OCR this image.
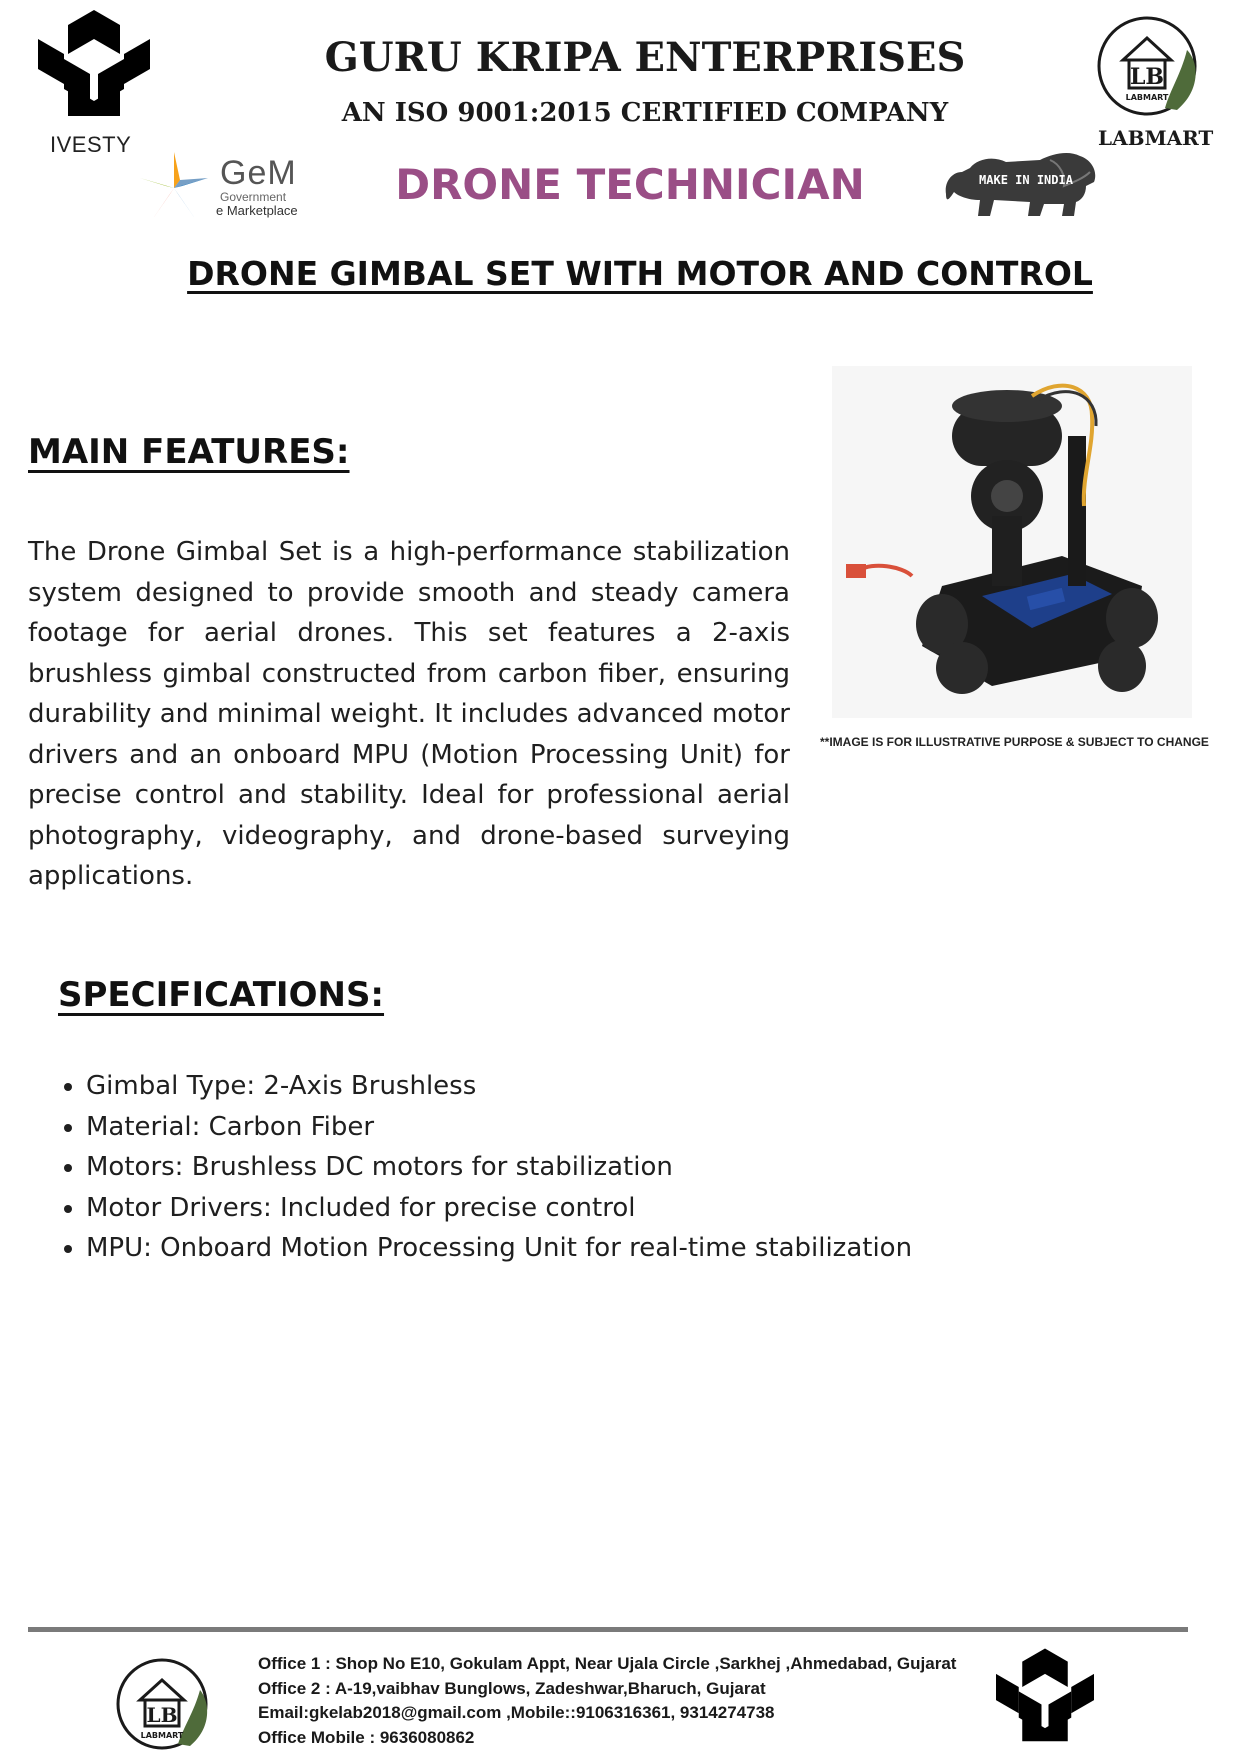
IVESTY
GeM
Government
e Marketplace
GURU KRIPA ENTERPRISES
AN ISO 9001:2015 CERTIFIED COMPANY
DRONE TECHNICIAN
LB
LABMART
LABMART
MAKE IN INDIA
DRONE GIMBAL SET WITH MOTOR AND CONTROL
MAIN FEATURES:
The Drone Gimbal Set is a high-performance stabilization system designed to provide smooth and steady camera footage for aerial drones. This set features a 2-axis brushless gimbal constructed from carbon fiber, ensuring durability and minimal weight. It includes advanced motor drivers and an onboard MPU (Motion Processing Unit) for precise control and stability. Ideal for professional aerial photography, videography, and drone-based surveying applications.
**IMAGE IS FOR ILLUSTRATIVE PURPOSE & SUBJECT TO CHANGE
SPECIFICATIONS:
• Gimbal Type: 2-Axis Brushless
• Material: Carbon Fiber
• Motors: Brushless DC motors for stabilization
• Motor Drivers: Included for precise control
• MPU: Onboard Motion Processing Unit for real-time stabilization
LB
LABMART
Office 1 : Shop No E10, Gokulam Appt, Near Ujala Circle ,Sarkhej ,Ahmedabad, Gujarat
Office 2 : A-19,vaibhav Bunglows, Zadeshwar,Bharuch, Gujarat
Email:gkelab2018@gmail.com ,Mobile::9106316361, 9314274738
Office Mobile : 9636080862
